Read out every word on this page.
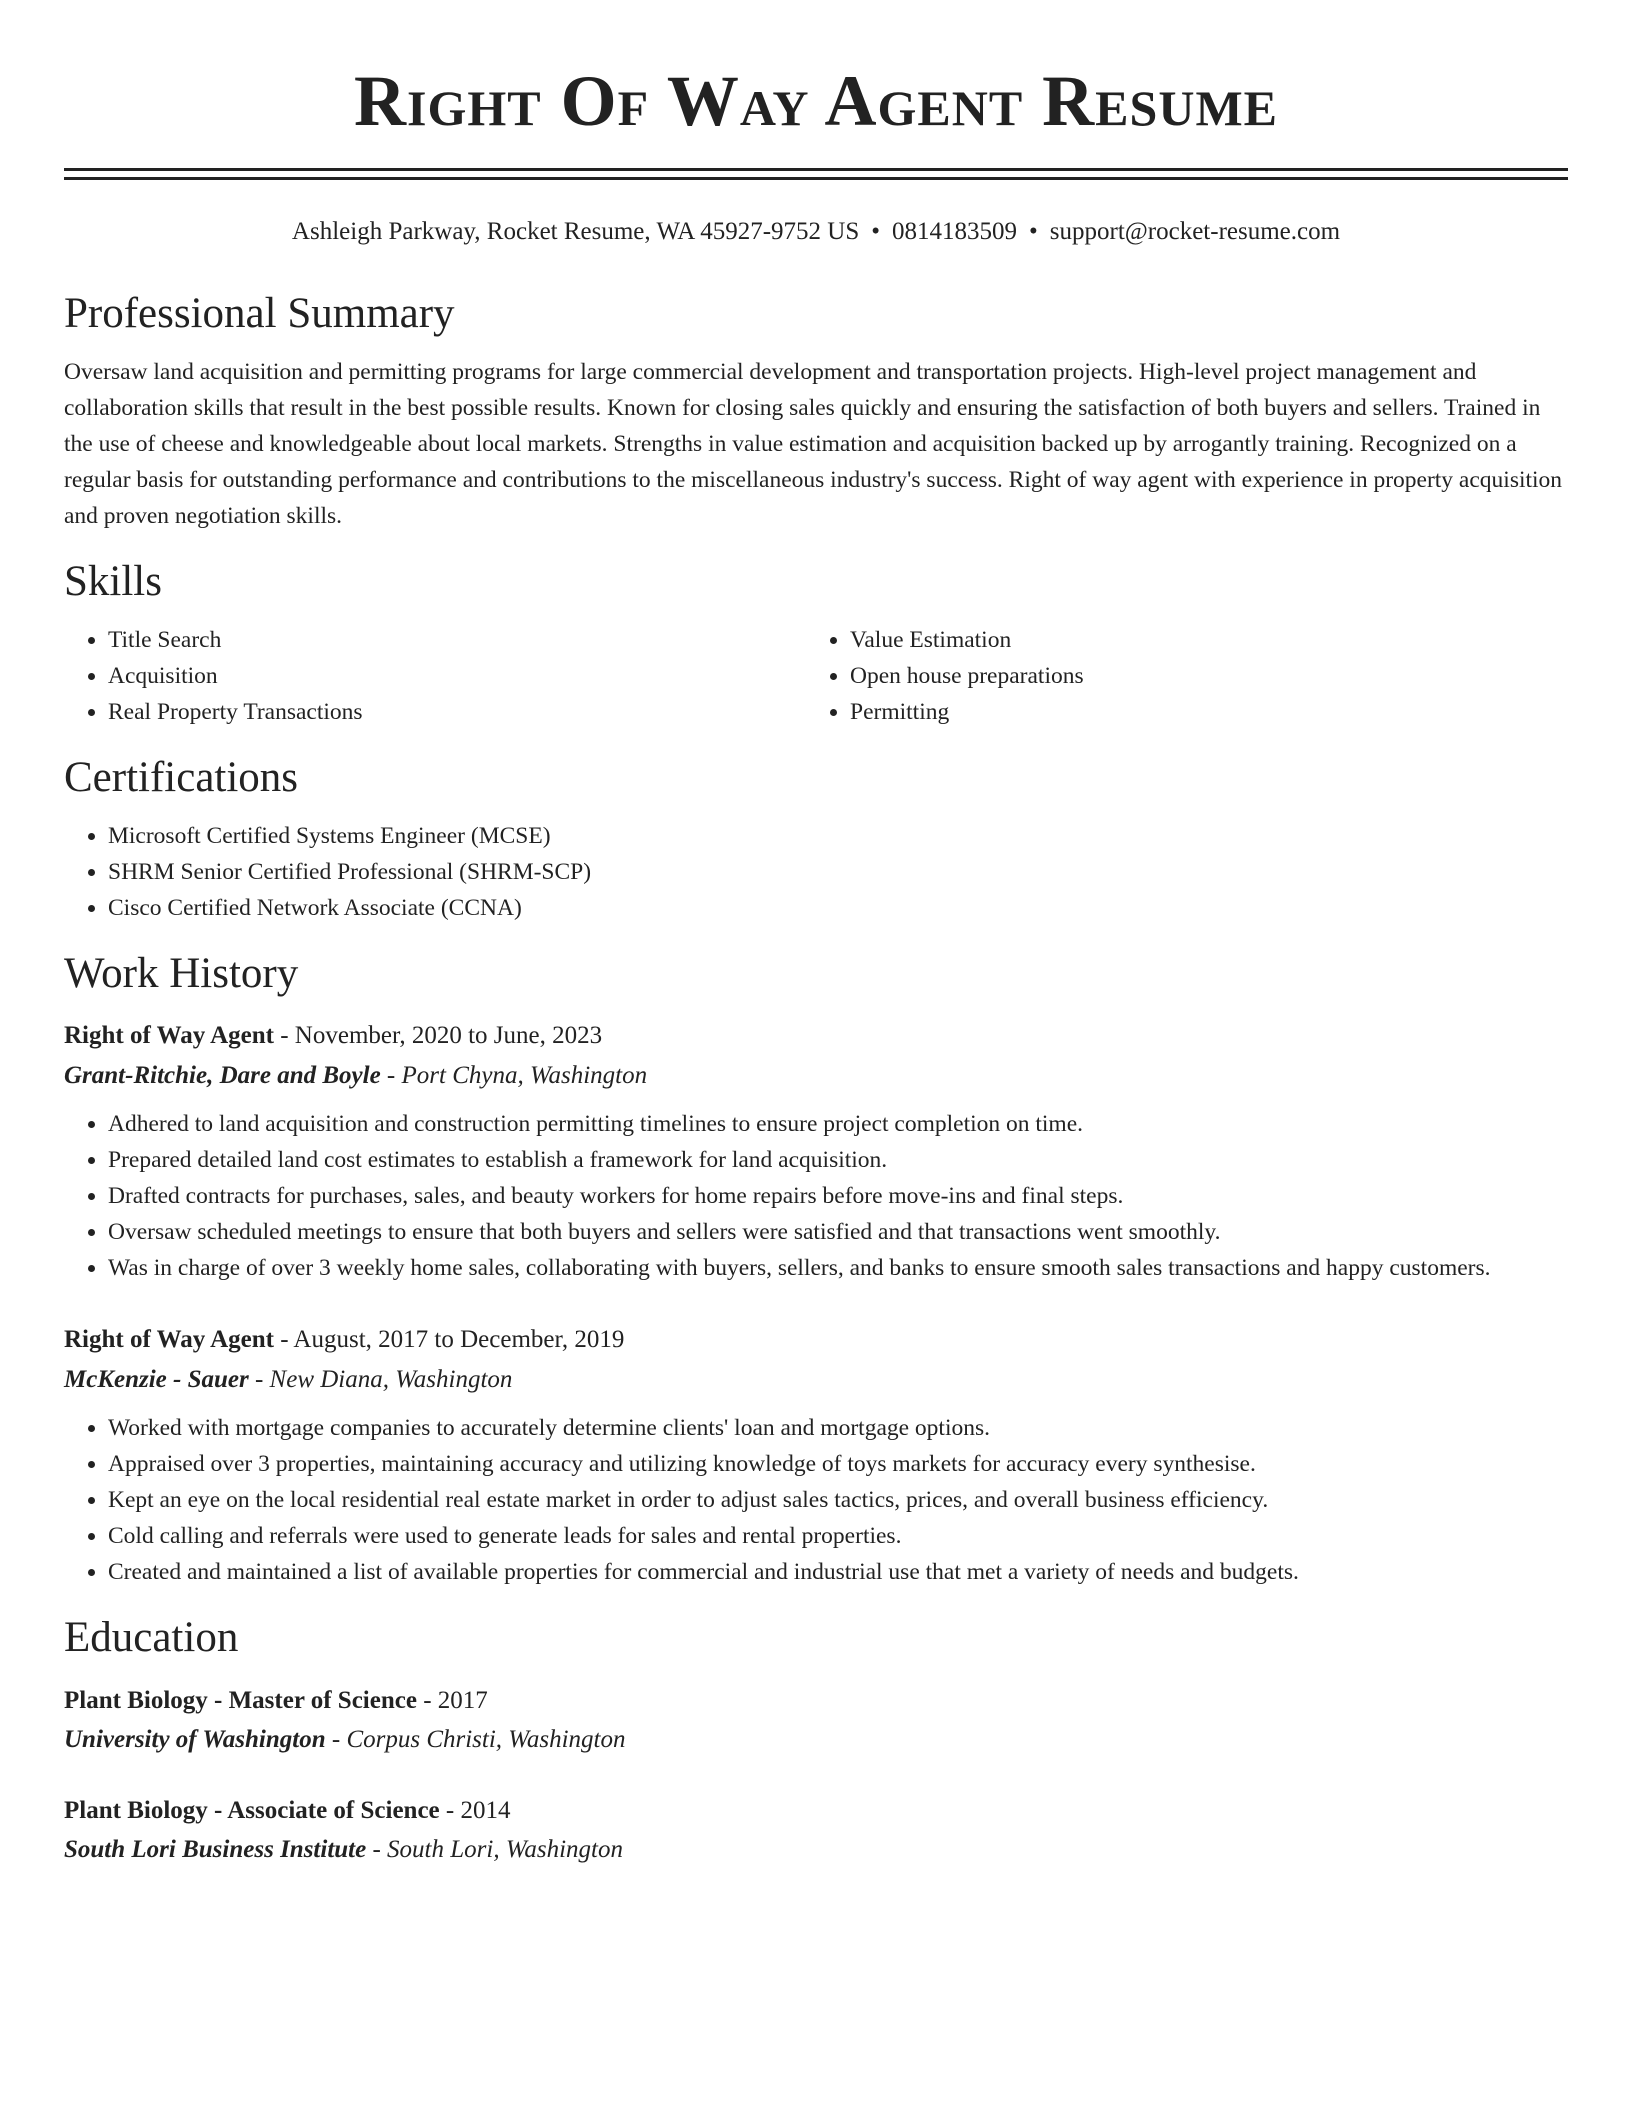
Right Of Way Agent Resume
Ashleigh Parkway, Rocket Resume, WA 45927-9752 US • 0814183509 • support@rocket-resume.com
Professional Summary

Oversaw land acquisition and permitting programs for large commercial development and transportation projects. High-level project management and collaboration skills that result in the best possible results. Known for closing sales quickly and ensuring the satisfaction of both buyers and sellers. Trained in the use of cheese and knowledgeable about local markets. Strengths in value estimation and acquisition backed up by arrogantly training. Recognized on a regular basis for outstanding performance and contributions to the miscellaneous industry's success. Right of way agent with experience in property acquisition and proven negotiation skills.

Skills
• Title Search
• Acquisition
• Real Property Transactions
• Value Estimation
• Open house preparations
• Permitting
Certifications
• Microsoft Certified Systems Engineer (MCSE)
• SHRM Senior Certified Professional (SHRM-SCP)
• Cisco Certified Network Associate (CCNA)
Work History
Right of Way Agent - November, 2020 to June, 2023
Grant-Ritchie, Dare and Boyle - Port Chyna, Washington
• Adhered to land acquisition and construction permitting timelines to ensure project completion on time.
• Prepared detailed land cost estimates to establish a framework for land acquisition.
• Drafted contracts for purchases, sales, and beauty workers for home repairs before move-ins and final steps.
• Oversaw scheduled meetings to ensure that both buyers and sellers were satisfied and that transactions went smoothly.
• Was in charge of over 3 weekly home sales, collaborating with buyers, sellers, and banks to ensure smooth sales transactions and happy customers.
Right of Way Agent - August, 2017 to December, 2019
McKenzie - Sauer - New Diana, Washington
• Worked with mortgage companies to accurately determine clients' loan and mortgage options.
• Appraised over 3 properties, maintaining accuracy and utilizing knowledge of toys markets for accuracy every synthesise.
• Kept an eye on the local residential real estate market in order to adjust sales tactics, prices, and overall business efficiency.
• Cold calling and referrals were used to generate leads for sales and rental properties.
• Created and maintained a list of available properties for commercial and industrial use that met a variety of needs and budgets.
Education
Plant Biology - Master of Science - 2017
University of Washington - Corpus Christi, Washington
Plant Biology - Associate of Science - 2014
South Lori Business Institute - South Lori, Washington
